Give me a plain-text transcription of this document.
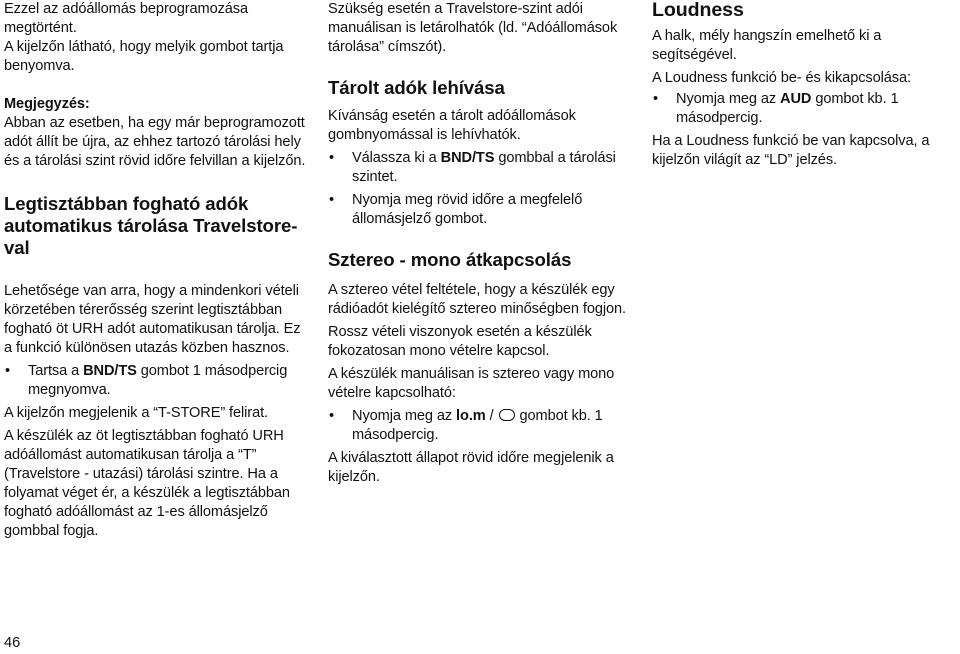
Ezzel az adóállomás beprogramozása megtörtént.

A kijelzőn látható, hogy melyik gombot tartja benyomva.

Megjegyzés:

Abban az esetben, ha egy már beprogramozott adót állít be újra, az ehhez tartozó tárolási hely és a tárolási szint rövid időre felvillan a kijelzőn.

Legtisztábban fogható adók automatikus tárolása Travelstore-val

Lehetősége van arra, hogy a mindenkori vételi körzetében térerősség szerint legtisztábban fogható öt URH adót automatikusan tárolja. Ez a funkció különösen utazás közben hasznos.

• Tartsa a BND/TS gombot 1 másodpercig megnyomva.

A kijelzőn megjelenik a “T-STORE” felirat.

A készülék az öt legtisztábban fogható URH adóállomást automatikusan tárolja a “T” (Travelstore - utazási) tárolási szintre. Ha a folyamat véget ér, a készülék a legtisztábban fogható adóállomást az 1-es állomásjelző gombbal fogja.

Szükség esetén a Travelstore-szint adói manuálisan is letárolhatók (ld. “Adóállomások tárolása” címszót).

Tárolt adók lehívása

Kívánság esetén a tárolt adóállomások gombnyomással is lehívhatók.

• Válassza ki a BND/TS gombbal a tárolási szintet.
• Nyomja meg rövid időre a megfelelő állomásjelző gombot.
Sztereo - mono átkapcsolás

A sztereo vétel feltétele, hogy a készülék egy rádióadót kielégítő sztereo minőségben fogjon.

Rossz vételi viszonyok esetén a készülék fokozatosan mono vételre kapcsol.

A készülék manuálisan is sztereo vagy mono vételre kapcsolható:

• Nyomja meg az lo.m /  gombot kb. 1 másodpercig.

A kiválasztott állapot rövid időre megjelenik a kijelzőn.

Loudness

A halk, mély hangszín emelhető ki a segítségével.

A Loudness funkció be- és kikapcsolása:

• Nyomja meg az AUD gombot kb. 1 másodpercig.

Ha a Loudness funkció be van kapcsolva, a kijelzőn világít az “LD” jelzés.

46
